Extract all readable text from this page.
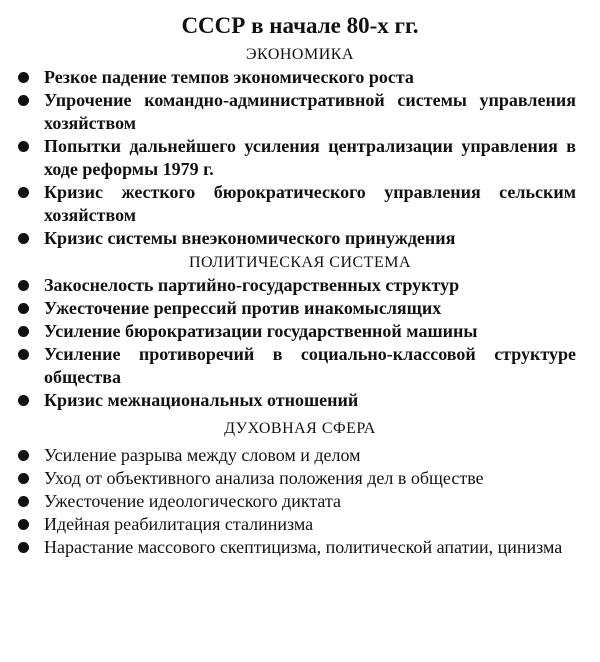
СССР в начале 80-х гг.
ЭКОНОМИКА
Резкое падение темпов экономического роста
Упрочение командно-административной системы управления хозяйством
Попытки дальнейшего усиления централизации управления в ходе реформы 1979 г.
Кризис жесткого бюрократического управления сельским хозяйством
Кризис системы внеэкономического принуждения
ПОЛИТИЧЕСКАЯ СИСТЕМА
Закоснелость партийно-государственных структур
Ужесточение репрессий против инакомыслящих
Усиление бюрократизации государственной машины
Усиление противоречий в социально-классовой структуре общества
Кризис межнациональных отношений
ДУХОВНАЯ СФЕРА
Усиление разрыва между словом и делом
Уход от объективного анализа положения дел в обществе
Ужесточение идеологического диктата
Идейная реабилитация сталинизма
Нарастание массового скептицизма, политической апатии, цинизма
